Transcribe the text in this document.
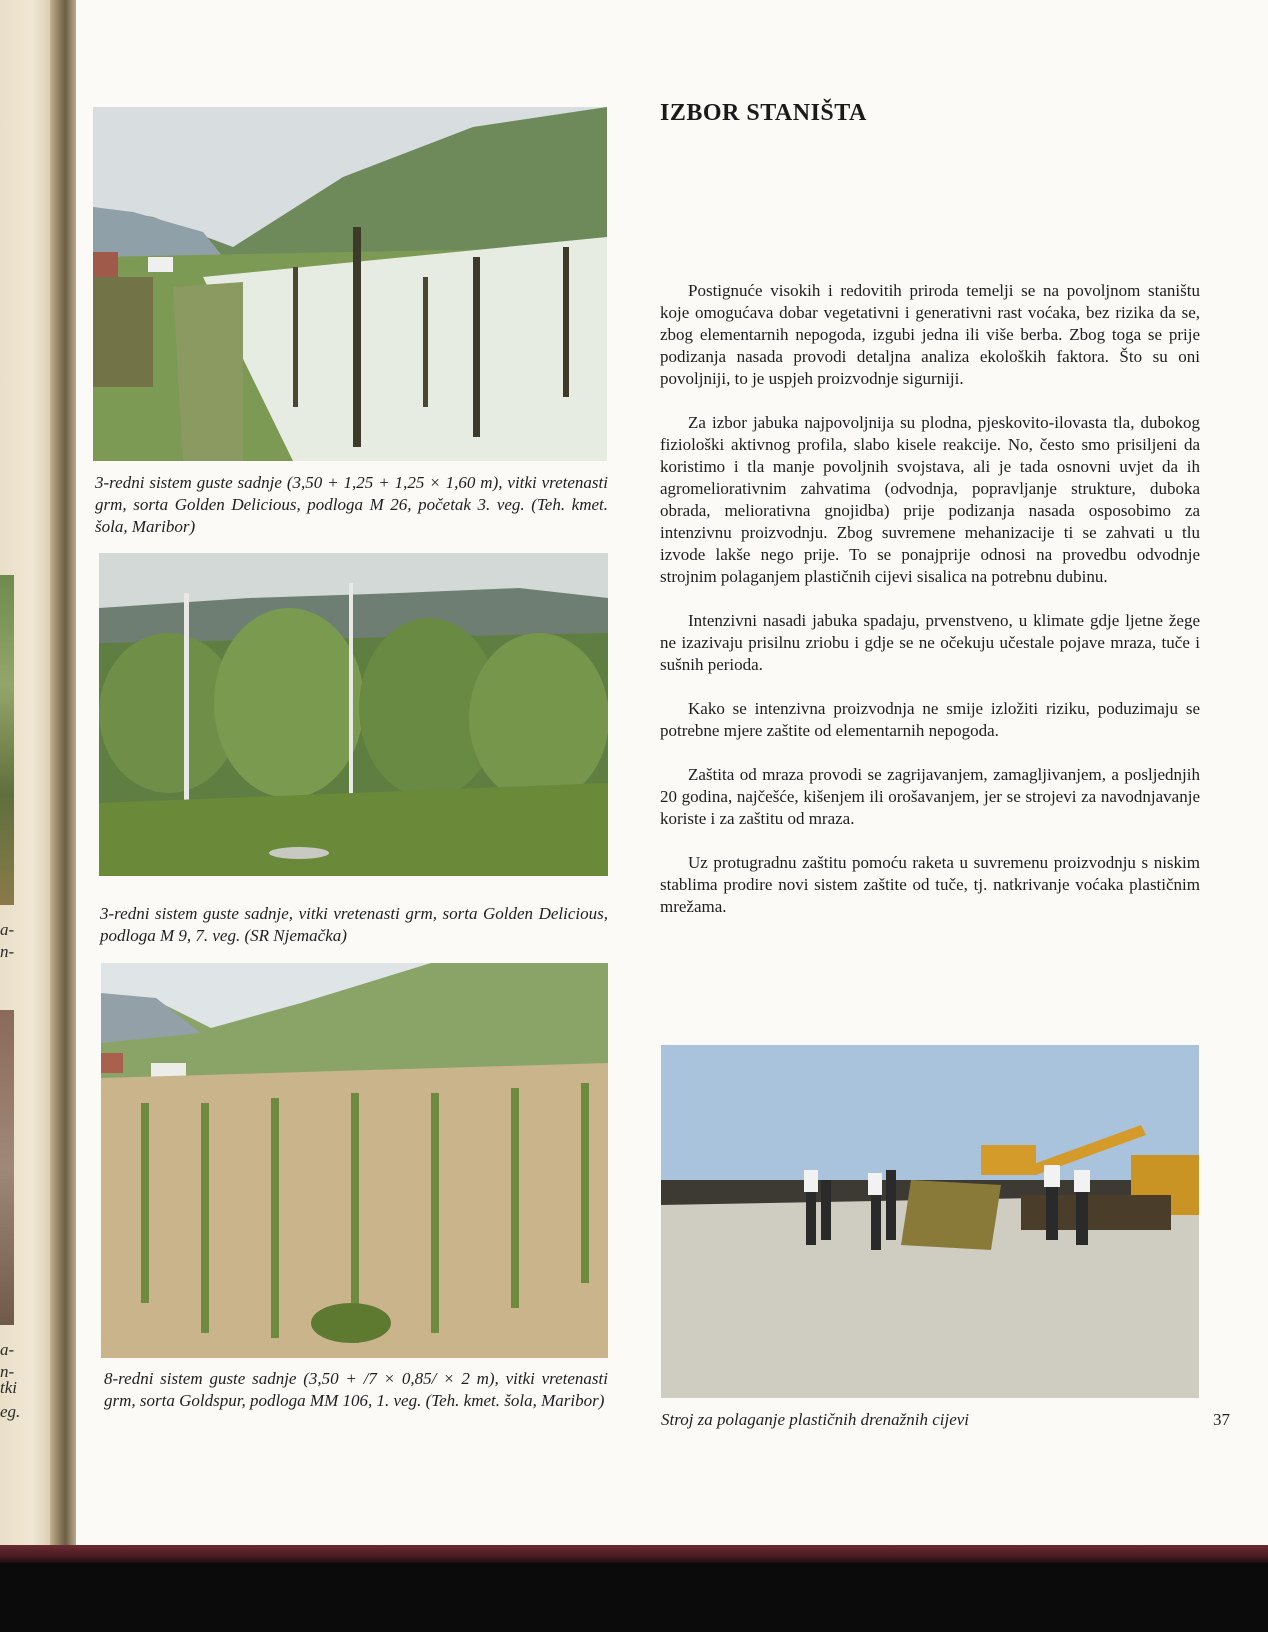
a-
n-
a-
n-
tki
eg.
3-redni sistem guste sadnje (3,50 + 1,25 + 1,25 × 1,60 m), vitki vretenasti grm, sorta Golden Delicious, podloga M 26, početak 3. veg. (Teh. kmet. šola, Maribor)
3-redni sistem guste sadnje, vitki vretenasti grm, sorta Golden Delicious, podloga M 9, 7. veg. (SR Njemačka)
8-redni sistem guste sadnje (3,50 + /7 × 0,85/ × 2 m), vitki vretenasti grm, sorta Goldspur, podloga MM 106, 1. veg. (Teh. kmet. šola, Maribor)
IZBOR STANIŠTA

Postignuće visokih i redovitih priroda temelji se na povoljnom staništu koje omogućava dobar vegetativni i generativni rast voćaka, bez rizika da se, zbog elementarnih nepogoda, izgubi jedna ili više berba. Zbog toga se prije podizanja nasada provodi detaljna analiza ekoloških faktora. Što su oni povoljniji, to je uspjeh proizvodnje sigurniji.

Za izbor jabuka najpovoljnija su plodna, pjeskovito-ilovasta tla, dubokog fiziološki aktivnog profila, slabo kisele reakcije. No, često smo prisiljeni da koristimo i tla manje povoljnih svojstava, ali je tada osnovni uvjet da ih agromeliorativnim zahvatima (odvodnja, popravljanje strukture, duboka obrada, meliorativna gnojidba) prije podizanja nasada osposobimo za intenzivnu proizvodnju. Zbog suvremene mehanizacije ti se zahvati u tlu izvode lakše nego prije. To se ponajprije odnosi na provedbu odvodnje strojnim polaganjem plastičnih cijevi sisalica na potrebnu dubinu.

Intenzivni nasadi jabuka spadaju, prvenstveno, u klimate gdje ljetne žege ne izazivaju prisilnu zriobu i gdje se ne očekuju učestale pojave mraza, tuče i sušnih perioda.

Kako se intenzivna proizvodnja ne smije izložiti riziku, poduzimaju se potrebne mjere zaštite od elementarnih nepogoda.

Zaštita od mraza provodi se zagrijavanjem, zamagljivanjem, a posljednjih 20 godina, najčešće, kišenjem ili orošavanjem, jer se strojevi za navodnjavanje koriste i za zaštitu od mraza.

Uz protugradnu zaštitu pomoću raketa u suvremenu proizvodnju s niskim stablima prodire novi sistem zaštite od tuče, tj. natkrivanje voćaka plastičnim mrežama.

Stroj za polaganje plastičnih drenažnih cijevi	37
